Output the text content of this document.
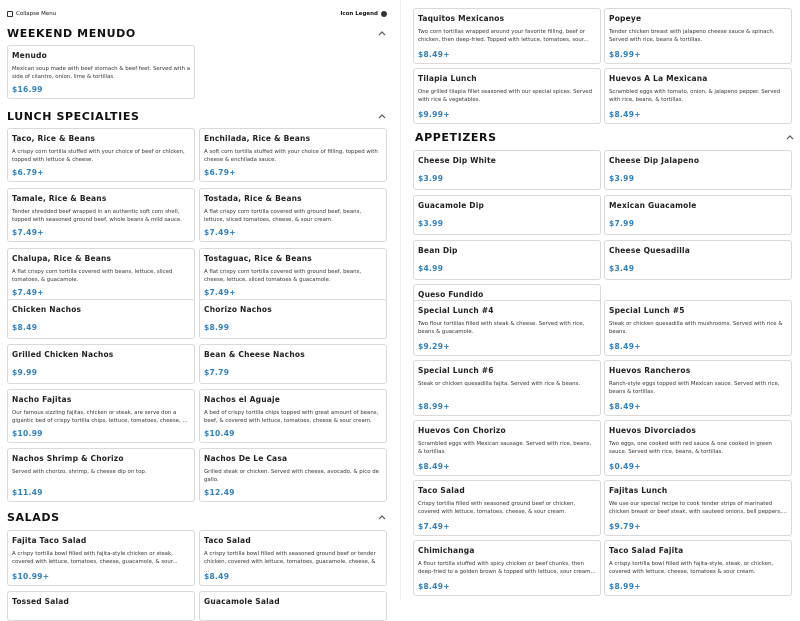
Collapse Menu	Icon Legend
WEEKEND MENUDO
Menudo
Mexican soup made with beef stomach & beef feet. Served with a side of cilantro, onion, lime & tortillas.
$16.99
LUNCH SPECIALTIES
Taco, Rice & Beans
A crispy corn tortilla stuffed with your choice of beef or chicken, topped with lettuce & cheese.
$6.79+
Enchilada, Rice & Beans
A soft corn tortilla stuffed with your choice of filling, topped with cheese & enchilada sauce.
$6.79+
Tamale, Rice & Beans
Tender shredded beef wrapped in an authentic soft corn shell, topped with seasoned ground beef, whole beans & mild sauce.
$7.49+
Tostada, Rice & Beans
A flat crispy corn tortilla covered with ground beef, beans, lettuce, sliced tomatoes, cheese, & sour cream.
$7.49+
Chalupa, Rice & Beans
A flat crispy corn tortilla covered with beans, lettuce, sliced tomatoes, & guacamole.
$7.49+
Tostaguac, Rice & Beans
A flat crispy corn tortilla covered with ground beef, beans, cheese, lettuce, sliced tomatoes & guacamole.
$7.49+
Chicken Nachos
$8.49
Chorizo Nachos
$8.99
Grilled Chicken Nachos
$9.99
Bean & Cheese Nachos
$7.79
Nacho Fajitas
Our famous sizzling fajitas, chicken or steak, are serve don a gigantic bed of crispy tortilla chips, lettuce, tomatoes, cheese, ...
$10.99
Nachos el Aguaje
A bed of crispy tortilla chips topped with great amount of beans, beef, & covered with lettuce, tomatoes, cheese & sour cream.
$10.49
Nachos Shrimp & Chorizo
Served with chorizo, shrimp, & cheese dip on top.
$11.49
Nachos De Le Casa
Grilled steak or chicken. Served with cheese, avocado, & pico de gallo.
$12.49
SALADS
Fajita Taco Salad
A crispy tortilla bowl filled with fajita-style chicken or steak, covered with lettuce, tomatoes, cheese, guacamole, & sour...
$10.99+
Taco Salad
A crispy tortilla bowl filled with seasoned ground beef or tender chicken, covered with lettuce, tomatoes, guacamole, cheese, & ...
$8.49
Tossed Salad	Guacamole Salad
Taquitos Mexicanos
Two corn tortillas wrapped around your favorite filling, beef or chicken, then deep-fried. Topped with lettuce, tomatoes, sour...
$8.49+
Popeye
Tender chicken breast with jalapeno cheese sauce & spinach. Served with rice, beans & tortillas.
$8.99+
Tilapia Lunch
One grilled tilapia fillet seasoned with our special spices. Served with rice & vegetables.
$9.99+
Huevos A La Mexicana
Scrambled eggs with tomato, onion, & jalapeno pepper. Served with rice, beans, & tortillas.
$8.49+
APPETIZERS
Cheese Dip White
$3.99
Cheese Dip Jalapeno
$3.99
Guacamole Dip
$3.99
Mexican Guacamole
$7.99
Bean Dip
$4.99
Cheese Quesadilla
$3.49
Queso Fundido
Special Lunch #4
Two flour tortillas filled with steak & cheese. Served with rice, beans & guacamole.
$9.29+
Special Lunch #5
Steak or chicken quesadilla with mushrooms. Served with rice & beans.
$8.49+
Special Lunch #6
Steak or chicken quesadilla fajita. Served with rice & beans.
$8.99+
Huevos Rancheros
Ranch-style eggs topped with Mexican sauce. Served with rice, beans & tortillas.
$8.49+
Huevos Con Chorizo
Scrambled eggs with Mexican sausage. Served with rice, beans, & tortillas.
$8.49+
Huevos Divorciados
Two eggs, one cooked with red sauce & one cooked in green sauce. Served with rice, beans, & tortillas.
$0.49+
Taco Salad
Crispy tortilla filled with seasoned ground beef or chicken, covered with lettuce, tomatoes, cheese, & sour cream.
$7.49+
Fajitas Lunch
We use our special recipe to cook tender strips of marinated chicken breast or beef steak, with sauteed onions, bell peppers,...
$9.79+
Chimichanga
A flour tortilla stuffed with spicy chicken or beef chunks, then deep-fried to a golden brown & topped with lettuce, sour cream...
$8.49+
Taco Salad Fajita
A crispy tortilla bowl filled with fajita-style, steak, or chicken, covered with lettuce, cheese, tomatoes & sour cream.
$8.99+
